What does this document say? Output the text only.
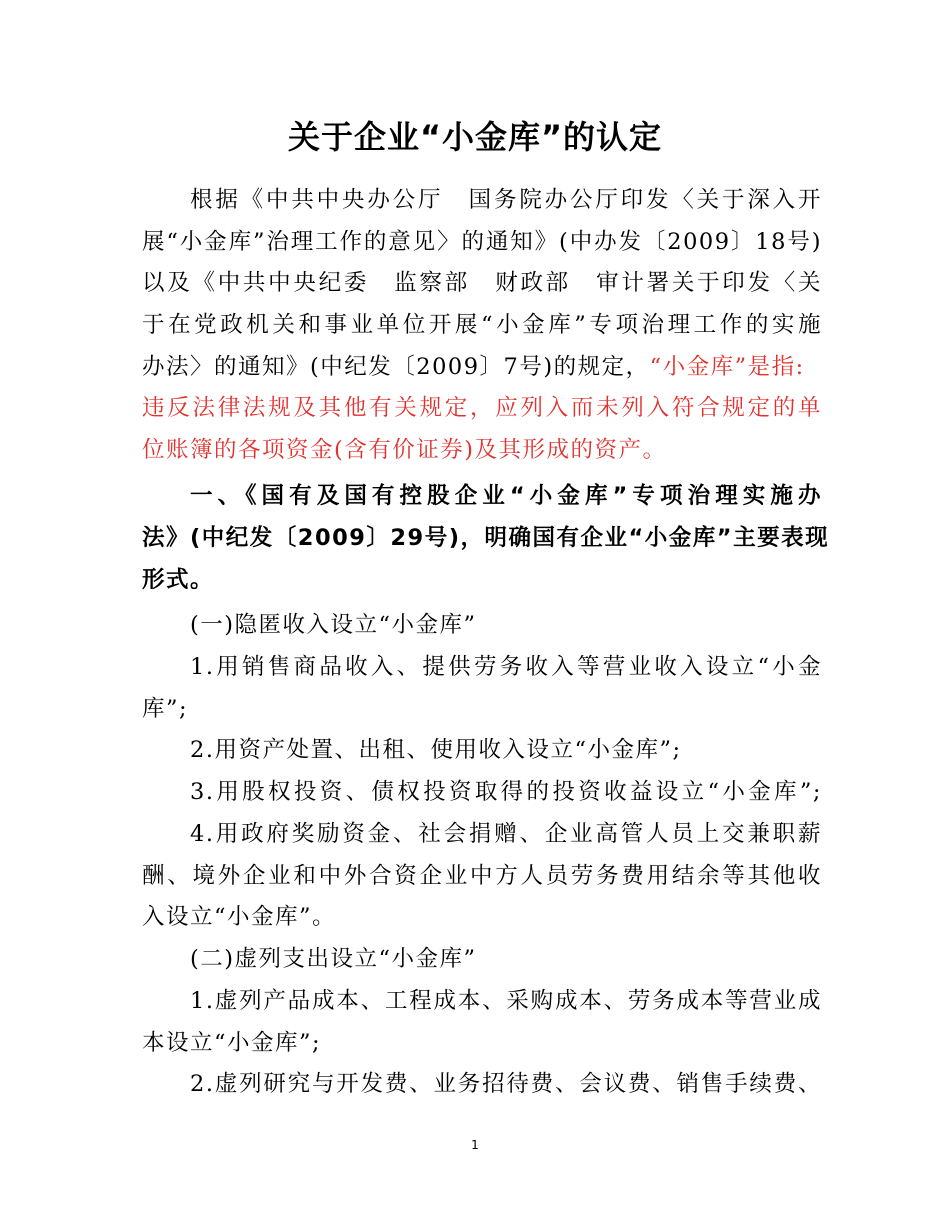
关于企业“小金库”的认定
根据《中共中央办公厅　国务院办公厅印发〈关于深入开
展“小金库”治理工作的意见〉的通知》(中办发〔2009〕18号)
以及《中共中央纪委　监察部　财政部　审计署关于印发〈关
于在党政机关和事业单位开展“小金库”专项治理工作的实施
办法〉的通知》(中纪发〔2009〕7号)的规定，“小金库”是指:
违反法律法规及其他有关规定，应列入而未列入符合规定的单
位账簿的各项资金(含有价证券)及其形成的资产。
一、《国有及国有控股企业“小金库”专项治理实施办
法》(中纪发〔2009〕29号)，明确国有企业“小金库”主要表现
形式。
(一)隐匿收入设立“小金库”
1.用销售商品收入、提供劳务收入等营业收入设立“小金
库”;
2.用资产处置、出租、使用收入设立“小金库”;
3.用股权投资、债权投资取得的投资收益设立“小金库”;
4.用政府奖励资金、社会捐赠、企业高管人员上交兼职薪
酬、境外企业和中外合资企业中方人员劳务费用结余等其他收
入设立“小金库”。
(二)虚列支出设立“小金库”
1.虚列产品成本、工程成本、采购成本、劳务成本等营业成
本设立“小金库”;
2.虚列研究与开发费、业务招待费、会议费、销售手续费、
1
